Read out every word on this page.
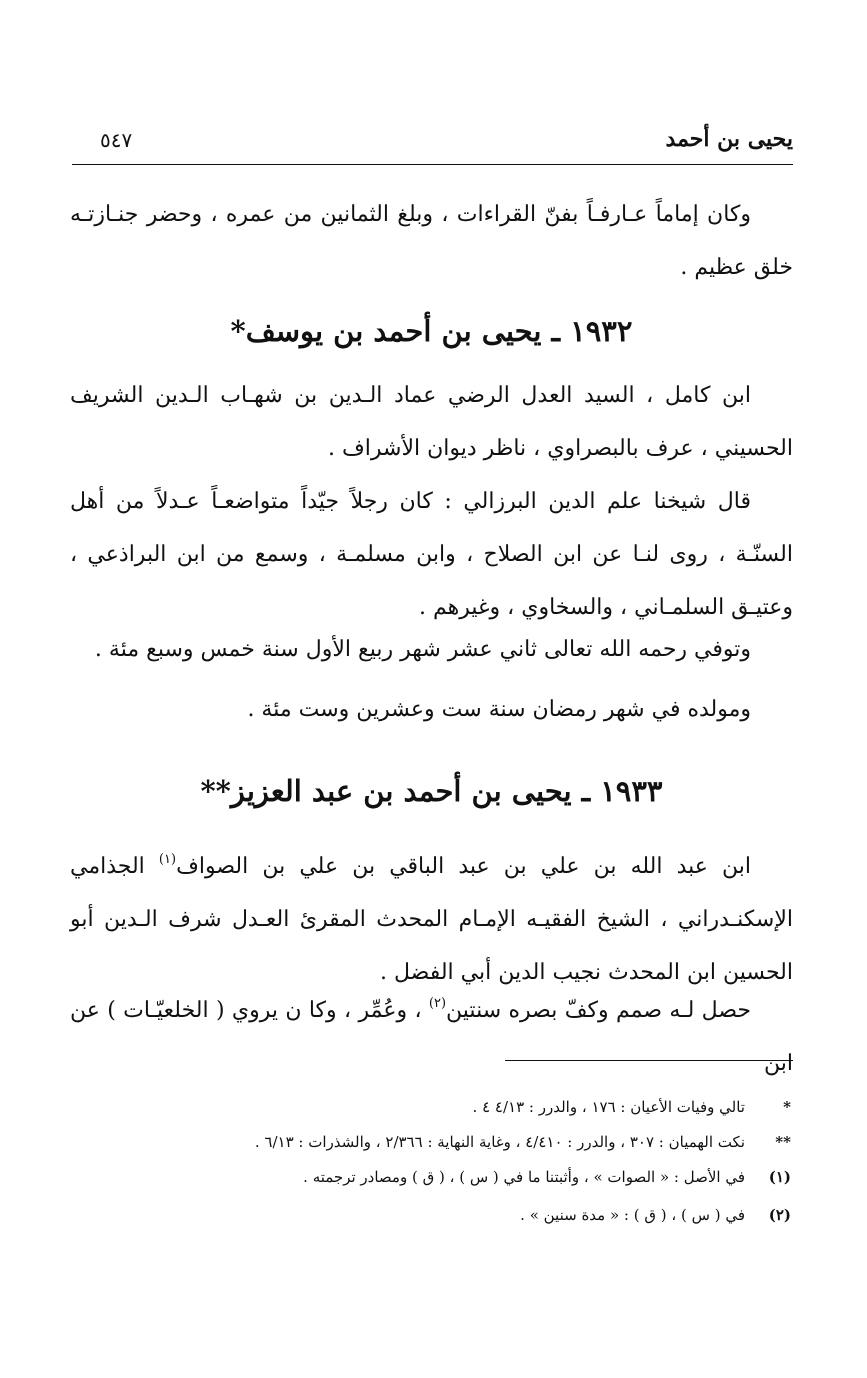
يحيى بن أحمد
٥٤٧
وكان إماماً عـارفـاً بفنّ القراءات ، وبلغ الثمانين من عمره ، وحضر جنـازتـه خلق عظيم .
١٩٣٢ ـ يحيى بن أحمد بن يوسف*
ابن كامل ، السيد العدل الرضي عماد الـدين بن شهـاب الـدين الشريف الحسيني ، عرف بالبصراوي ، ناظر ديوان الأشراف .
قال شيخنا علم الدين البرزالي : كان رجلاً جيّداً متواضعـاً عـدلاً من أهل السنّـة ، روى لنـا عن ابن الصلاح ، وابن مسلمـة ، وسمع من ابن البراذعي ، وعتيـق السلمـاني ، والسخاوي ، وغيرهم .
وتوفي رحمه الله تعالى ثاني عشر شهر ربيع الأول سنة خمس وسبع مئة .
ومولده في شهر رمضان سنة ست وعشرين وست مئة .
١٩٣٣ ـ يحيى بن أحمد بن عبد العزيز**
ابن عبد الله بن علي بن عبد الباقي بن علي بن الصواف$^{(١)}$ الجذامي الإسكنـدراني ، الشيخ الفقيـه الإمـام المحدث المقرئ العـدل شرف الـدين أبو الحسين ابن المحدث نجيب الدين أبي الفضل .
حصل لـه صمم وكفّ بصره سنتين$^{(٢)}$ ، وعُمِّر ، وكا ن يروي ( الخلعيّـات ) عن ابن
*
تالي وفيات الأعيان : ١٧٦ ، والدرر : ٤/١٣ ٤ .
**
نكت الهميان : ٣٠٧ ، والدرر : ٤/٤١٠ ، وغاية النهاية : ٢/٣٦٦ ، والشذرات : ٦/١٣ .
(١)
في الأصل : « الصوات » ، وأثبتنا ما في ( س ) ، ( ق ) ومصادر ترجمته .
(٢)
في ( س ) ، ( ق ) : « مدة سنين » .
